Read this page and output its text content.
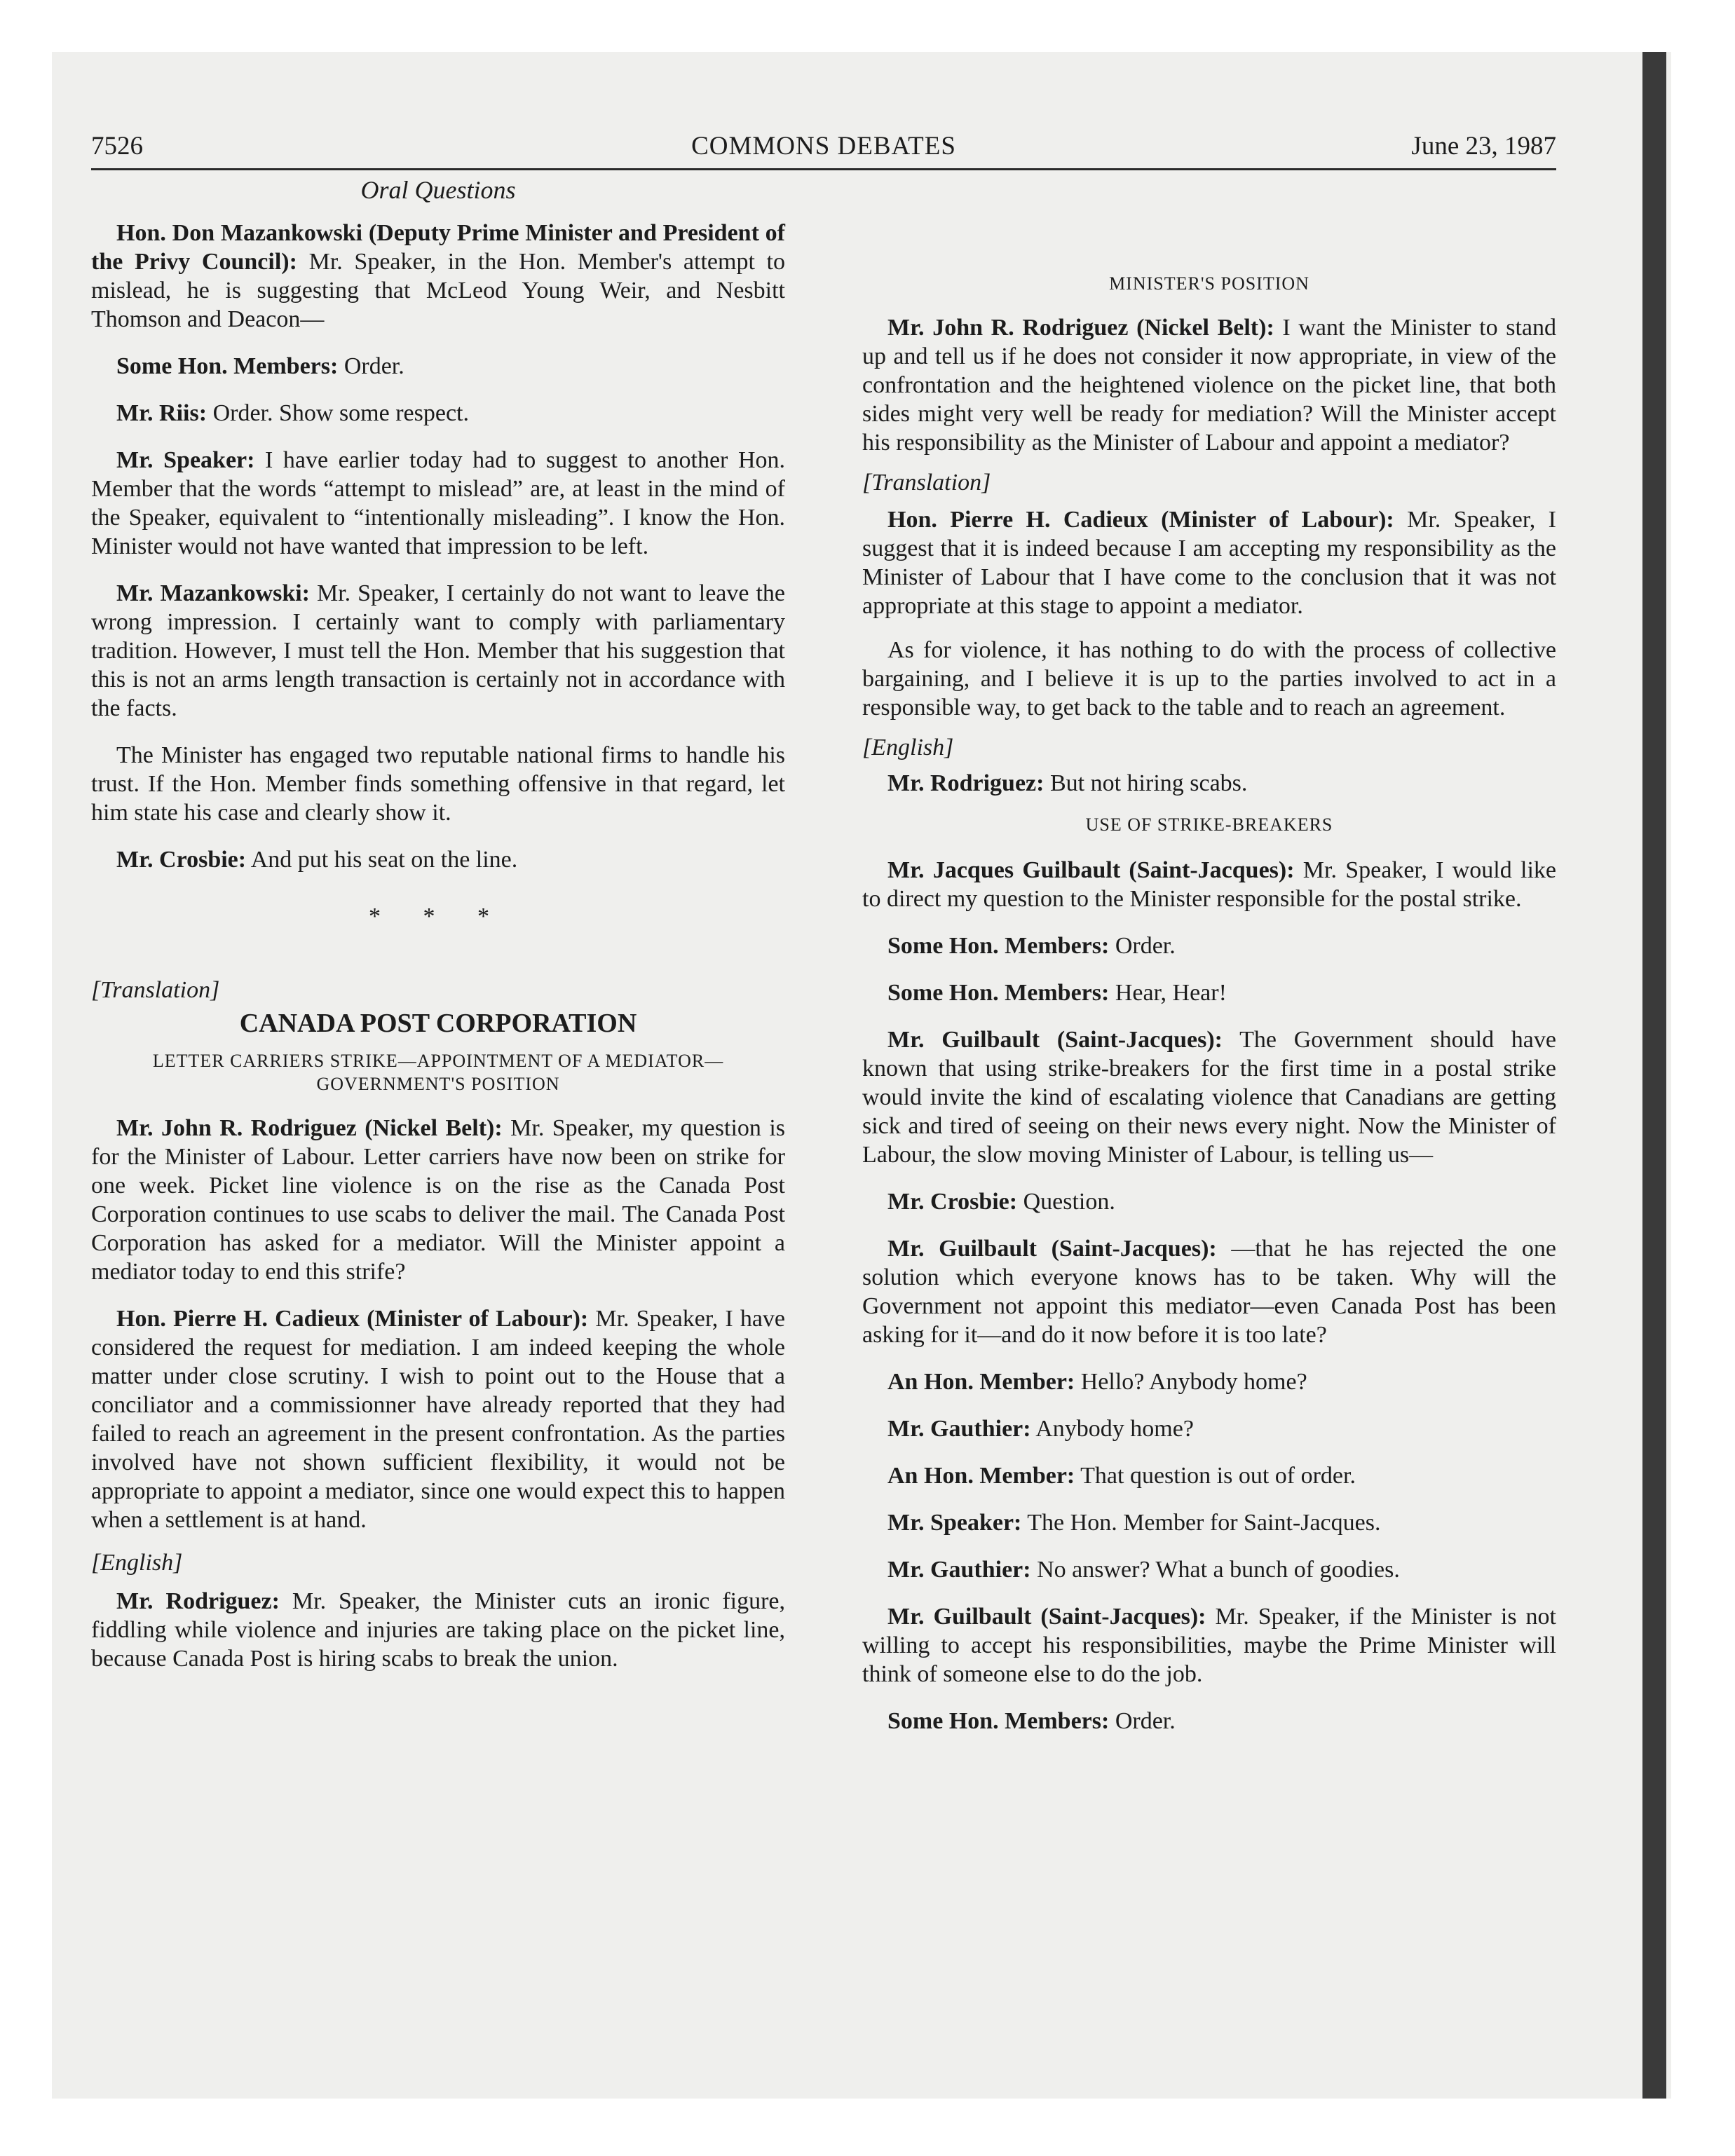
7526	COMMONS DEBATES	June 23, 1987
Oral Questions

Hon. Don Mazankowski (Deputy Prime Minister and President of the Privy Council): Mr. Speaker, in the Hon. Member's attempt to mislead, he is suggesting that McLeod Young Weir, and Nesbitt Thomson and Deacon—

Some Hon. Members: Order.

Mr. Riis: Order. Show some respect.

Mr. Speaker: I have earlier today had to suggest to another Hon. Member that the words “attempt to mislead” are, at least in the mind of the Speaker, equivalent to “intentionally misleading”. I know the Hon. Minister would not have wanted that impression to be left.

Mr. Mazankowski: Mr. Speaker, I certainly do not want to leave the wrong impression. I certainly want to comply with parliamentary tradition. However, I must tell the Hon. Member that his suggestion that this is not an arms length transaction is certainly not in accordance with the facts.

The Minister has engaged two reputable national firms to handle his trust. If the Hon. Member finds something offensive in that regard, let him state his case and clearly show it.

Mr. Crosbie: And put his seat on the line.

* * *
[Translation]
CANADA POST CORPORATION
LETTER CARRIERS STRIKE—APPOINTMENT OF A MEDIATOR—
GOVERNMENT'S POSITION

Mr. John R. Rodriguez (Nickel Belt): Mr. Speaker, my question is for the Minister of Labour. Letter carriers have now been on strike for one week. Picket line violence is on the rise as the Canada Post Corporation continues to use scabs to deliver the mail. The Canada Post Corporation has asked for a mediator. Will the Minister appoint a mediator today to end this strife?

Hon. Pierre H. Cadieux (Minister of Labour): Mr. Speaker, I have considered the request for mediation. I am indeed keeping the whole matter under close scrutiny. I wish to point out to the House that a conciliator and a commissionner have already reported that they had failed to reach an agreement in the present confrontation. As the parties involved have not shown sufficient flexibility, it would not be appropriate to appoint a mediator, since one would expect this to happen when a settlement is at hand.

[English]

Mr. Rodriguez: Mr. Speaker, the Minister cuts an ironic figure, fiddling while violence and injuries are taking place on the picket line, because Canada Post is hiring scabs to break the union.

MINISTER'S POSITION

Mr. John R. Rodriguez (Nickel Belt): I want the Minister to stand up and tell us if he does not consider it now appropriate, in view of the confrontation and the heightened violence on the picket line, that both sides might very well be ready for mediation? Will the Minister accept his responsibility as the Minister of Labour and appoint a mediator?

[Translation]

Hon. Pierre H. Cadieux (Minister of Labour): Mr. Speaker, I suggest that it is indeed because I am accepting my responsibility as the Minister of Labour that I have come to the conclusion that it was not appropriate at this stage to appoint a mediator.

As for violence, it has nothing to do with the process of collective bargaining, and I believe it is up to the parties involved to act in a responsible way, to get back to the table and to reach an agreement.

[English]

Mr. Rodriguez: But not hiring scabs.

USE OF STRIKE-BREAKERS

Mr. Jacques Guilbault (Saint-Jacques): Mr. Speaker, I would like to direct my question to the Minister responsible for the postal strike.

Some Hon. Members: Order.

Some Hon. Members: Hear, Hear!

Mr. Guilbault (Saint-Jacques): The Government should have known that using strike-breakers for the first time in a postal strike would invite the kind of escalating violence that Canadians are getting sick and tired of seeing on their news every night. Now the Minister of Labour, the slow moving Minister of Labour, is telling us—

Mr. Crosbie: Question.

Mr. Guilbault (Saint-Jacques): —that he has rejected the one solution which everyone knows has to be taken. Why will the Government not appoint this mediator—even Canada Post has been asking for it—and do it now before it is too late?

An Hon. Member: Hello? Anybody home?

Mr. Gauthier: Anybody home?

An Hon. Member: That question is out of order.

Mr. Speaker: The Hon. Member for Saint-Jacques.

Mr. Gauthier: No answer? What a bunch of goodies.

Mr. Guilbault (Saint-Jacques): Mr. Speaker, if the Minister is not willing to accept his responsibilities, maybe the Prime Minister will think of someone else to do the job.

Some Hon. Members: Order.
